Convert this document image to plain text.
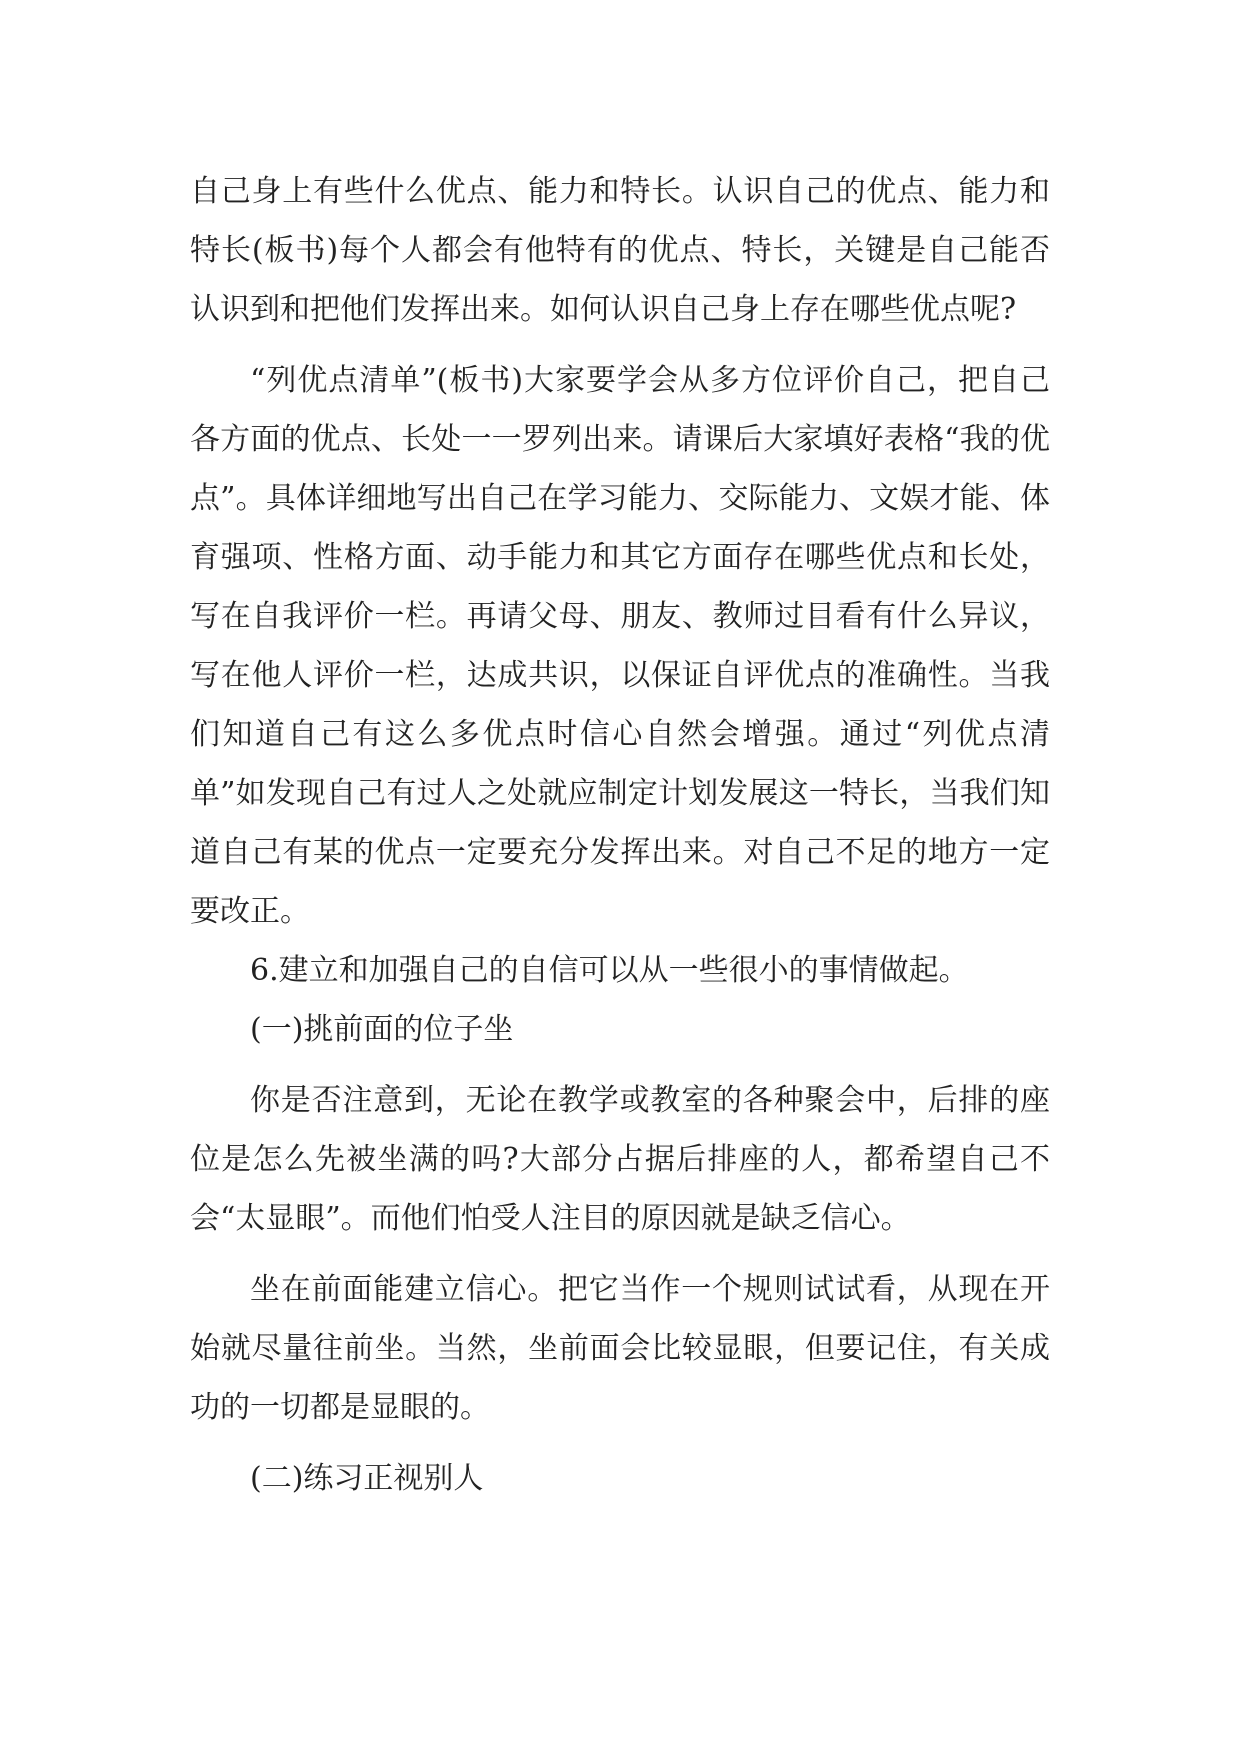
自己身上有些什么优点、能力和特长。认识自己的优点、能力和特长(板书)每个人都会有他特有的优点、特长，关键是自己能否认识到和把他们发挥出来。如何认识自己身上存在哪些优点呢?

“列优点清单”(板书)大家要学会从多方位评价自己，把自己各方面的优点、长处一一罗列出来。请课后大家填好表格“我的优点”。具体详细地写出自己在学习能力、交际能力、文娱才能、体育强项、性格方面、动手能力和其它方面存在哪些优点和长处，写在自我评价一栏。再请父母、朋友、教师过目看有什么异议，写在他人评价一栏，达成共识，以保证自评优点的准确性。当我们知道自己有这么多优点时信心自然会增强。通过“列优点清单”如发现自己有过人之处就应制定计划发展这一特长，当我们知道自己有某的优点一定要充分发挥出来。对自己不足的地方一定要改正。

6.建立和加强自己的自信可以从一些很小的事情做起。

(一)挑前面的位子坐

你是否注意到，无论在教学或教室的各种聚会中，后排的座位是怎么先被坐满的吗?大部分占据后排座的人，都希望自己不会“太显眼”。而他们怕受人注目的原因就是缺乏信心。

坐在前面能建立信心。把它当作一个规则试试看，从现在开始就尽量往前坐。当然，坐前面会比较显眼，但要记住，有关成功的一切都是显眼的。

(二)练习正视别人
